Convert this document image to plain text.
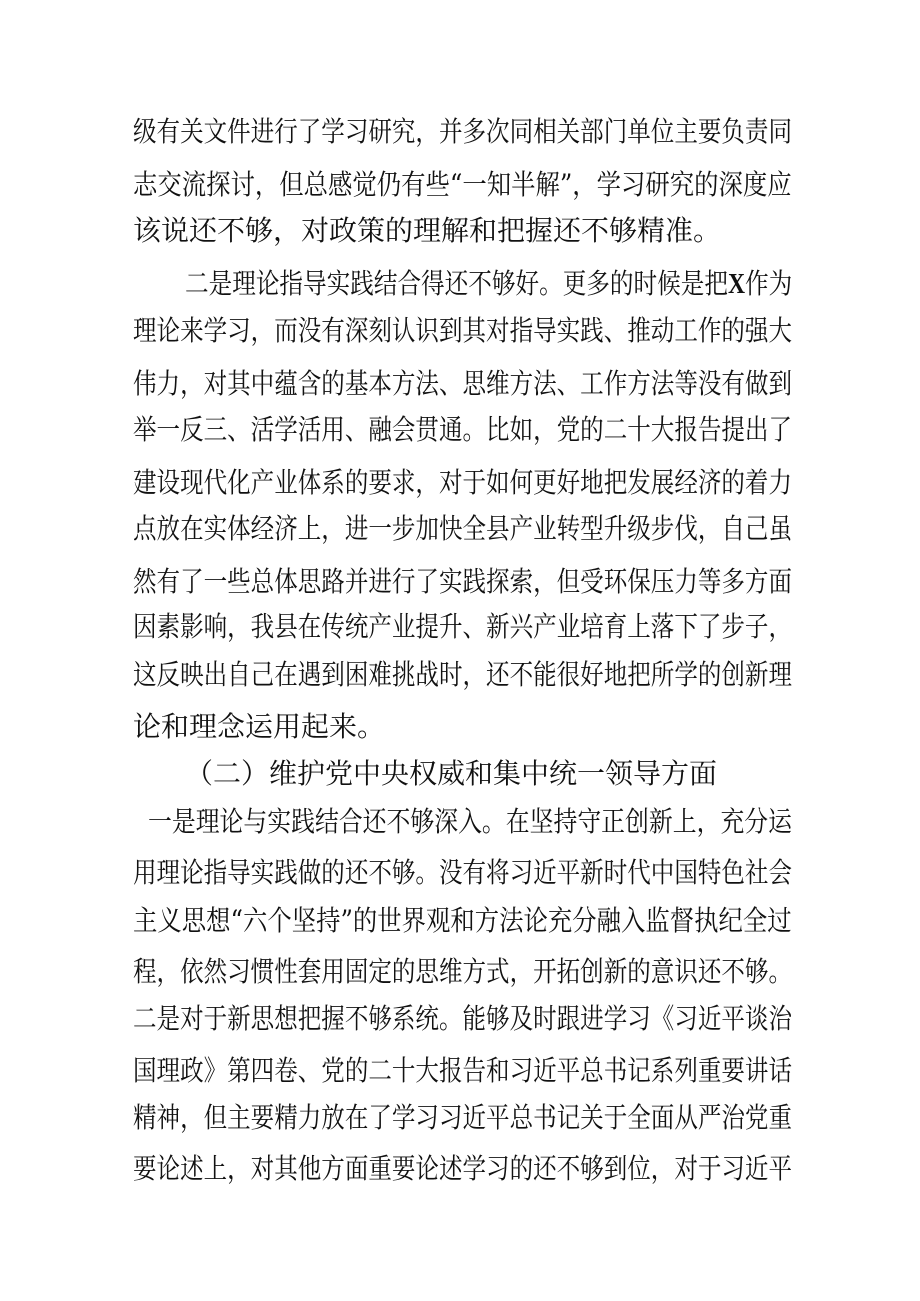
级有关文件进行了学习研究，并多次同相关部门单位主要负责同
志交流探讨，但总感觉仍有些“一知半解”，学习研究的深度应
该说还不够，对政策的理解和把握还不够精准。
二是理论指导实践结合得还不够好。更多的时候是把X作为
理论来学习，而没有深刻认识到其对指导实践、推动工作的强大
伟力，对其中蕴含的基本方法、思维方法、工作方法等没有做到
举一反三、活学活用、融会贯通。比如，党的二十大报告提出了
建设现代化产业体系的要求，对于如何更好地把发展经济的着力
点放在实体经济上，进一步加快全县产业转型升级步伐，自己虽
然有了一些总体思路并进行了实践探索，但受环保压力等多方面
因素影响，我县在传统产业提升、新兴产业培育上落下了步子，
这反映出自己在遇到困难挑战时，还不能很好地把所学的创新理
论和理念运用起来。
（二）维护党中央权威和集中统一领导方面
一是理论与实践结合还不够深入。在坚持守正创新上，充分运
用理论指导实践做的还不够。没有将习近平新时代中国特色社会
主义思想“六个坚持”的世界观和方法论充分融入监督执纪全过
程，依然习惯性套用固定的思维方式，开拓创新的意识还不够。
二是对于新思想把握不够系统。能够及时跟进学习《习近平谈治
国理政》第四卷、党的二十大报告和习近平总书记系列重要讲话
精神，但主要精力放在了学习习近平总书记关于全面从严治党重
要论述上，对其他方面重要论述学习的还不够到位，对于习近平
